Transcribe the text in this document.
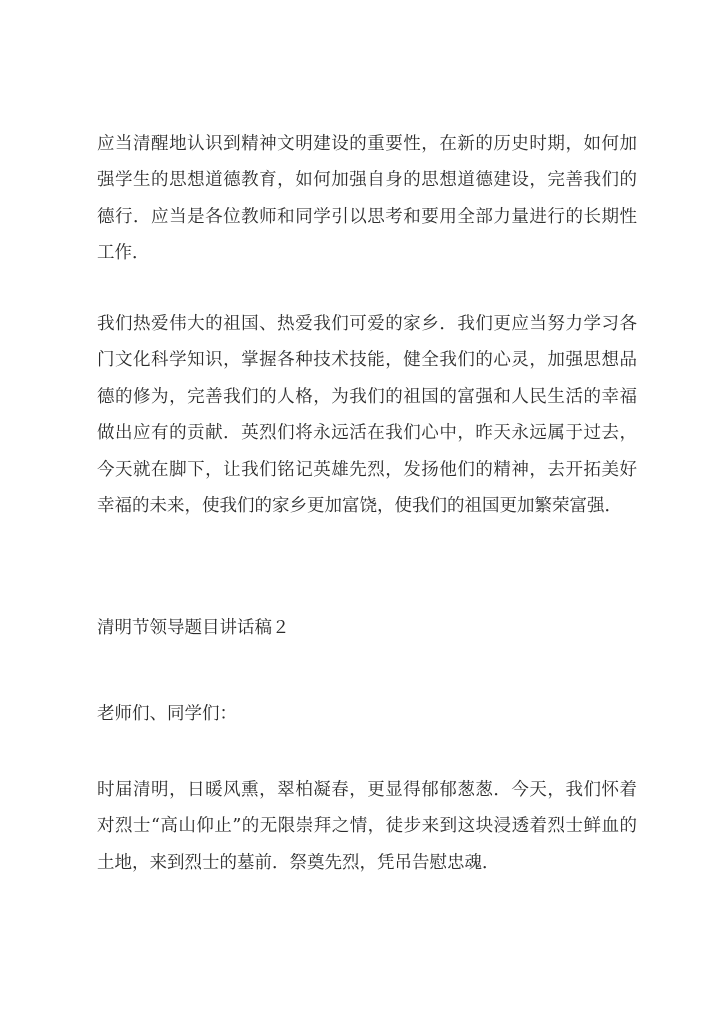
应当清醒地认识到精神文明建设的重要性，在新的历史时期，如何加强学生的思想道德教育，如何加强自身的思想道德建设，完善我们的德行．应当是各位教师和同学引以思考和要用全部力量进行的长期性工作．

我们热爱伟大的祖国、热爱我们可爱的家乡．我们更应当努力学习各门文化科学知识，掌握各种技术技能，健全我们的心灵，加强思想品德的修为，完善我们的人格，为我们的祖国的富强和人民生活的幸福做出应有的贡献．英烈们将永远活在我们心中，昨天永远属于过去，今天就在脚下，让我们铭记英雄先烈，发扬他们的精神，去开拓美好幸福的未来，使我们的家乡更加富饶，使我们的祖国更加繁荣富强．

清明节领导题目讲话稿２

老师们、同学们：

时届清明，日暖风熏，翠柏凝春，更显得郁郁葱葱．今天，我们怀着对烈士“高山仰止”的无限崇拜之情，徒步来到这块浸透着烈士鲜血的土地，来到烈士的墓前．祭奠先烈，凭吊告慰忠魂．
